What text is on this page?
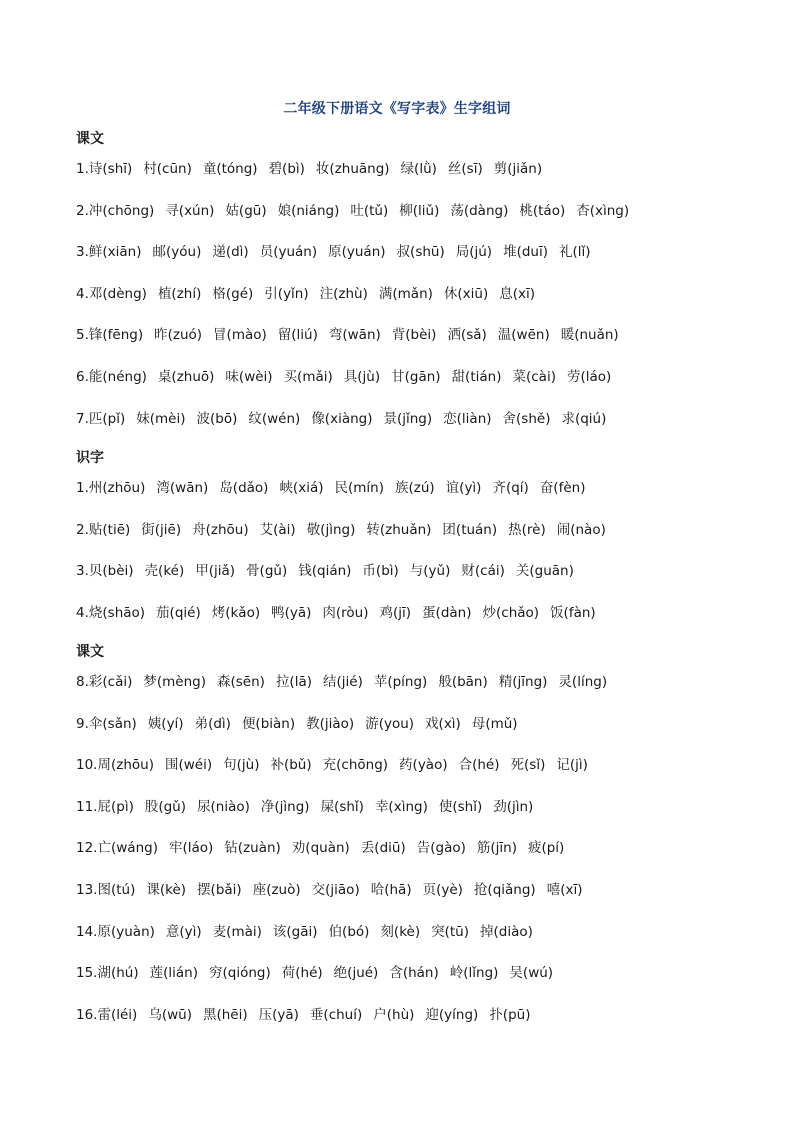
二年级下册语文《写字表》生字组词
课文
1.诗(shī) 村(cūn) 童(tóng) 碧(bì) 妆(zhuāng) 绿(lǜ) 丝(sī) 剪(jiǎn)
2.冲(chōng) 寻(xún) 姑(gū) 娘(niáng) 吐(tǔ) 柳(liǔ) 荡(dàng) 桃(táo) 杏(xìng)
3.鲜(xiān) 邮(yóu) 递(dì) 员(yuán) 原(yuán) 叔(shū) 局(jú) 堆(duī) 礼(lǐ)
4.邓(dèng) 植(zhí) 格(gé) 引(yǐn) 注(zhù) 满(mǎn) 休(xiū) 息(xī)
5.锋(fēng) 昨(zuó) 冒(mào) 留(liú) 弯(wān) 背(bèi) 洒(sǎ) 温(wēn) 暖(nuǎn)
6.能(néng) 桌(zhuō) 味(wèi) 买(mǎi) 具(jù) 甘(gān) 甜(tián) 菜(cài) 劳(láo)
7.匹(pǐ) 妹(mèi) 波(bō) 纹(wén) 像(xiàng) 景(jǐng) 恋(liàn) 舍(shě) 求(qiú)
识字
1.州(zhōu) 湾(wān) 岛(dǎo) 峡(xiá) 民(mín) 族(zú) 谊(yì) 齐(qí) 奋(fèn)
2.贴(tiē) 街(jiē) 舟(zhōu) 艾(ài) 敬(jìng) 转(zhuǎn) 团(tuán) 热(rè) 闹(nào)
3.贝(bèi) 壳(ké) 甲(jiǎ) 骨(gǔ) 钱(qián) 币(bì) 与(yǔ) 财(cái) 关(guān)
4.烧(shāo) 茄(qié) 烤(kǎo) 鸭(yā) 肉(ròu) 鸡(jī) 蛋(dàn) 炒(chǎo) 饭(fàn)
课文
8.彩(cǎi) 梦(mèng) 森(sēn) 拉(lā) 结(jié) 苹(píng) 般(bān) 精(jīng) 灵(líng)
9.伞(sǎn) 姨(yí) 弟(dì) 便(biàn) 教(jiào) 游(you) 戏(xì) 母(mǔ)
10.周(zhōu) 围(wéi) 句(jù) 补(bǔ) 充(chōng) 药(yào) 合(hé) 死(sǐ) 记(jì)
11.屁(pì) 股(gǔ) 尿(niào) 净(jìng) 屎(shǐ) 幸(xìng) 使(shǐ) 劲(jìn)
12.亡(wáng) 牢(láo) 钻(zuàn) 劝(quàn) 丢(diū) 告(gào) 筋(jīn) 疲(pí)
13.图(tú) 课(kè) 摆(bǎi) 座(zuò) 交(jiāo) 哈(hā) 页(yè) 抢(qiǎng) 嘻(xī)
14.原(yuàn) 意(yì) 麦(mài) 该(gāi) 伯(bó) 刻(kè) 突(tū) 掉(diào)
15.湖(hú) 莲(lián) 穷(qióng) 荷(hé) 绝(jué) 含(hán) 岭(lǐng) 吴(wú)
16.雷(léi) 乌(wū) 黑(hēi) 压(yā) 垂(chuí) 户(hù) 迎(yíng) 扑(pū)
